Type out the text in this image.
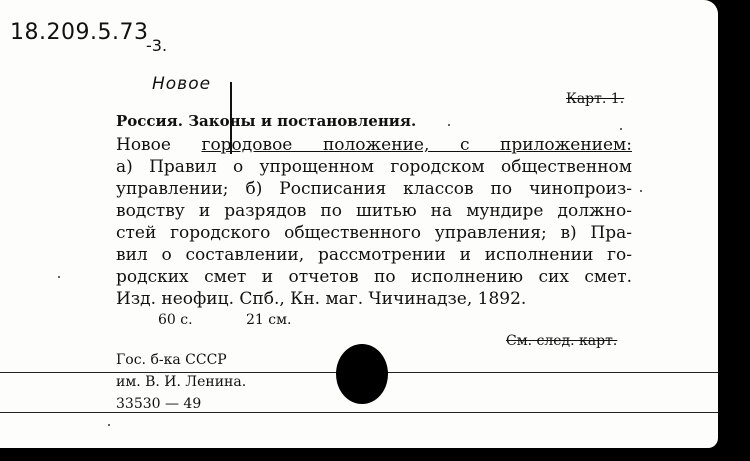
18.209.5.73
-3.
Новое
Карт. 1.
Россия. Законы и постановления.
Новое городовое положение, с приложением:
а) Правил о упрощенном городском общественном
управлении; б) Росписания классов по чинопроиз-
водству и разрядов по шитью на мундире должно-
стей городского общественного управления; в) Пра-
вил о составлении, рассмотрении и исполнении го-
родских смет и отчетов по исполнению сих смет.
Изд. неофиц. Спб., Кн. маг. Чичинадзе, 1892.
60 с.	21 см.
См. след. карт.
Гос. б-ка СССР
им. В. И. Ленина.
33530 — 49
